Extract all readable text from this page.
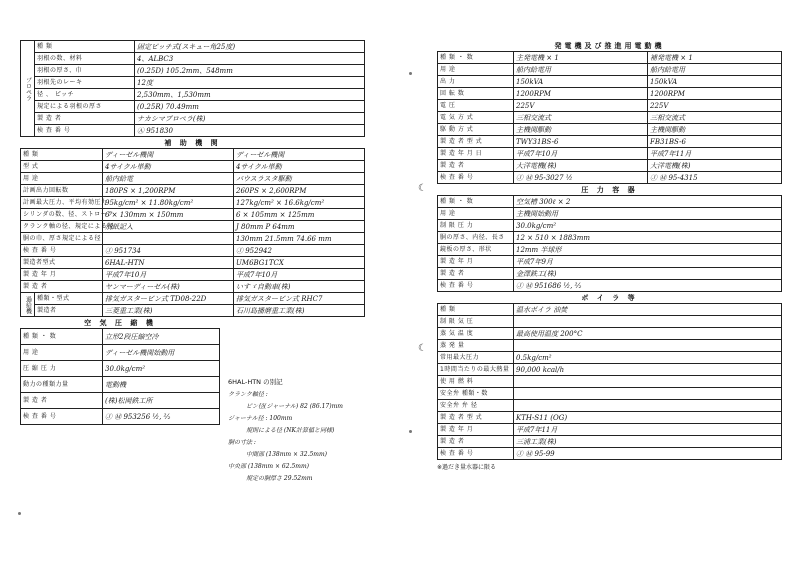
プロペラ	種 類	固定ピッチ式(スキュー角25度)
	羽根の数、材料	4、ALBC3
	羽根の厚さ、巾	(0.25D) 105.2mm、548mm
	羽根先のレーキ	12度
	径 、 ピッチ	2,530mm、1,530mm
	規定による羽根の厚さ	(0.25R) 70.49mm
	製 造 者	ナカシマプロペラ(株)
	検 査 番 号	Ⓐ 951830
補 助 機 関			
種 類		ディーゼル機関	ディーゼル機関
型 式		4サイクル単動	4サイクル単動
用 途		船内給電	バウスラスタ駆動
計画出力回転数		180PS × 1,200RPM	260PS × 2,600RPM
計画最大圧力、平均有効圧力		95kg/cm² × 11.80kg/cm²	127kg/cm² × 16.6kg/cm²
シリンダの数、径、ストローク		6 × 130mm × 150mm	6 × 105mm × 125mm
クランク軸の径、規定による径		別紙記入	J 80mm P 64mm
胴の巾、厚さ規定による径			130mm 21.5mm 74.66 mm
検 査 番 号		Ⓙ 951734	Ⓙ 952942
製造者型式		6HAL-HTN	UM6BG1TCX
製 造 年 月		平成7年10月	平成7年10月
製 造 者		ヤンマーディーゼル(株)	いすゞ自動車(株)
過給機	種類・型式	排気ガスタービン式 TD08-22D	排気ガスタービン式 RHC7
	製造者	三菱重工業(株)	石川島播磨重工業(株)
空 気 圧 縮 機	
種 類 ・ 数	立形2段圧縮空冷
用 途	ディーゼル機関始動用
圧 縮 圧 力	30.0kg/cm²
動力の種類力量	電動機
製 造 者	(株)松岡鉄工所
検 査 番 号	Ⓙ Ⓜ 953256 ½, ²⁄₂
6HAL-HTN の別記
クランク軸径 :
ピン径(ジャーナル) 82 (86.17)mm
ジャーナル径 : 100mm
規則による径 (NK計算値と同様)
胴の寸法 :
中間部 (138mm × 32.5mm)
中央部 (138mm × 62.5mm)
規定の胴厚さ 29.52mm
発電機及び推進用電動機		
種 類 ・ 数	主発電機 × 1	補発電機 × 1
用 途	船内給電用	船内給電用
出 力	150kVA	150kVA
回 転 数	1200RPM	1200RPM
電 圧	225V	225V
電 気 方 式	三相交流式	三相交流式
駆 動 方 式	主機関駆動	主機関駆動
製 造 者 型 式	TWY31BS-6	FB31BS-6
製 造 年 月 日	平成7年10月	平成7年11月
製 造 者	大洋電機(株)	大洋電機(株)
検 査 番 号	Ⓙ Ⓜ 95-3027 ½	Ⓙ Ⓜ 95-4315
圧 力 容 器	
種 類 ・ 数	空気槽 300ℓ × 2
用 途	主機関始動用
制 限 圧 力	30.0kg/cm²
胴の厚さ、内径、長さ	12 × 510 × 1883mm
鏡板の厚さ、形状	12mm 半球形
製 造 年 月	平成7年9月
製 造 者	金澤鉄工(株)
検 査 番 号	Ⓙ Ⓜ 951686 ½, ²⁄₂
ボ イ ラ 等	
種 類	温水ボイラ 油焚
制 限 気 圧	
蒸 気 温 度	最高使用温度 200°C
蒸 発 量	
常用最大圧力	0.5kg/cm²
1時間当たりの最大熱量	90,000 kcal/h
使 用 燃 料	
安全弁 種類・数	
安全弁 弁 径	
製 造 者 型 式	KTH-S11 (OG)
製 造 年 月	平成7年11月
製 造 者	三浦工業(株)
検 査 番 号	Ⓙ Ⓜ 95-99
※過だき量水器に限る
☾
☾
